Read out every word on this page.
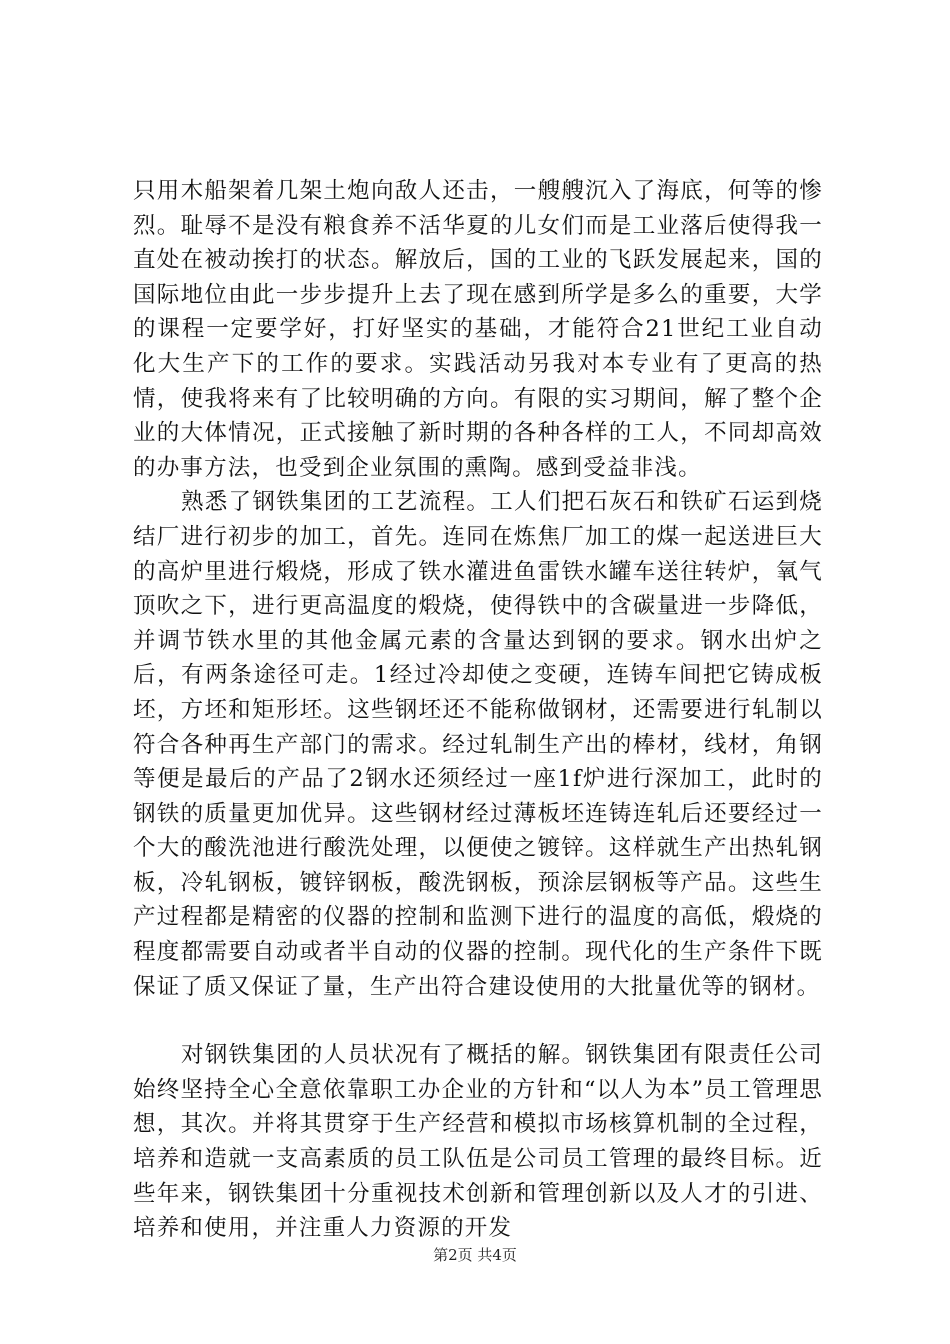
只用木船架着几架土炮向敌人还击，一艘艘沉入了海底，何等的惨烈。耻辱不是没有粮食养不活华夏的儿女们而是工业落后使得我一直处在被动挨打的状态。解放后，国的工业的飞跃发展起来，国的国际地位由此一步步提升上去了现在感到所学是多么的重要，大学的课程一定要学好，打好坚实的基础，才能符合21世纪工业自动化大生产下的工作的要求。实践活动另我对本专业有了更高的热情，使我将来有了比较明确的方向。有限的实习期间，解了整个企业的大体情况，正式接触了新时期的各种各样的工人，不同却高效的办事方法，也受到企业氛围的熏陶。感到受益非浅。

熟悉了钢铁集团的工艺流程。工人们把石灰石和铁矿石运到烧结厂进行初步的加工，首先。连同在炼焦厂加工的煤一起送进巨大的高炉里进行煅烧，形成了铁水灌进鱼雷铁水罐车送往转炉，氧气顶吹之下，进行更高温度的煅烧，使得铁中的含碳量进一步降低，并调节铁水里的其他金属元素的含量达到钢的要求。钢水出炉之后，有两条途径可走。1经过冷却使之变硬，连铸车间把它铸成板坯，方坯和矩形坯。这些钢坯还不能称做钢材，还需要进行轧制以符合各种再生产部门的需求。经过轧制生产出的棒材，线材，角钢等便是最后的产品了2钢水还须经过一座1f炉进行深加工，此时的钢铁的质量更加优异。这些钢材经过薄板坯连铸连轧后还要经过一个大的酸洗池进行酸洗处理，以便使之镀锌。这样就生产出热轧钢板，冷轧钢板，镀锌钢板，酸洗钢板，预涂层钢板等产品。这些生产过程都是精密的仪器的控制和监测下进行的温度的高低，煅烧的程度都需要自动或者半自动的仪器的控制。现代化的生产条件下既保证了质又保证了量，生产出符合建设使用的大批量优等的钢材。

对钢铁集团的人员状况有了概括的解。钢铁集团有限责任公司始终坚持全心全意依靠职工办企业的方针和“以人为本”员工管理思想，其次。并将其贯穿于生产经营和模拟市场核算机制的全过程，培养和造就一支高素质的员工队伍是公司员工管理的最终目标。近些年来，钢铁集团十分重视技术创新和管理创新以及人才的引进、培养和使用，并注重人力资源的开发

第2页 共4页
